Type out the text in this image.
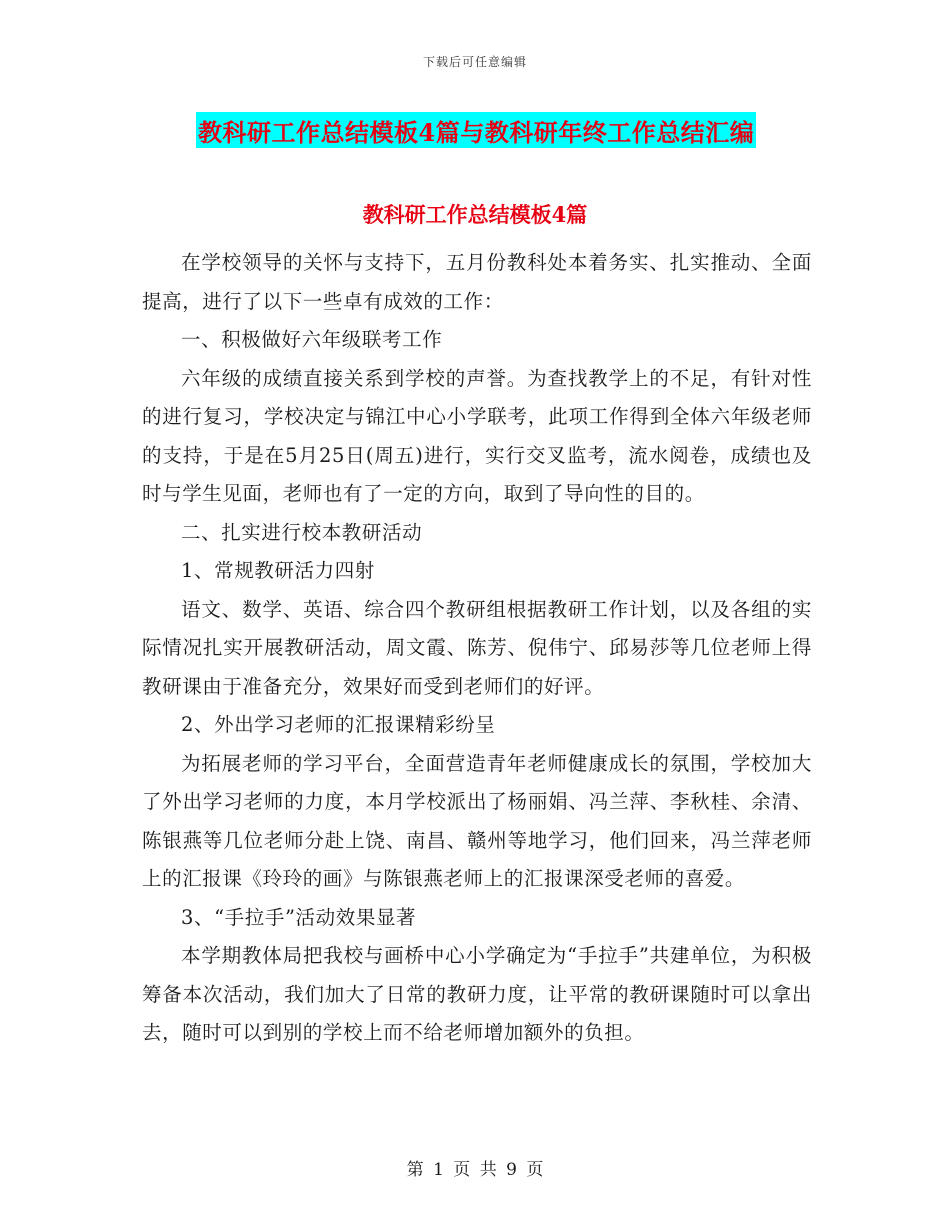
下载后可任意编辑
教科研工作总结模板4篇与教科研年终工作总结汇编
教科研工作总结模板4篇

在学校领导的关怀与支持下，五月份教科处本着务实、扎实推动、全面提高，进行了以下一些卓有成效的工作：

一、积极做好六年级联考工作

六年级的成绩直接关系到学校的声誉。为查找教学上的不足，有针对性的进行复习，学校决定与锦江中心小学联考，此项工作得到全体六年级老师的支持，于是在5月25日(周五)进行，实行交叉监考，流水阅卷，成绩也及时与学生见面，老师也有了一定的方向，取到了导向性的目的。

二、扎实进行校本教研活动

1、常规教研活力四射

语文、数学、英语、综合四个教研组根据教研工作计划，以及各组的实际情况扎实开展教研活动，周文霞、陈芳、倪伟宁、邱易莎等几位老师上得教研课由于准备充分，效果好而受到老师们的好评。

2、外出学习老师的汇报课精彩纷呈

为拓展老师的学习平台，全面营造青年老师健康成长的氛围，学校加大了外出学习老师的力度，本月学校派出了杨丽娟、冯兰萍、李秋桂、余清、陈银燕等几位老师分赴上饶、南昌、赣州等地学习，他们回来，冯兰萍老师上的汇报课《玲玲的画》与陈银燕老师上的汇报课深受老师的喜爱。

3、“手拉手”活动效果显著

本学期教体局把我校与画桥中心小学确定为“手拉手”共建单位，为积极筹备本次活动，我们加大了日常的教研力度，让平常的教研课随时可以拿出去，随时可以到别的学校上而不给老师增加额外的负担。

第 1 页 共 9 页
